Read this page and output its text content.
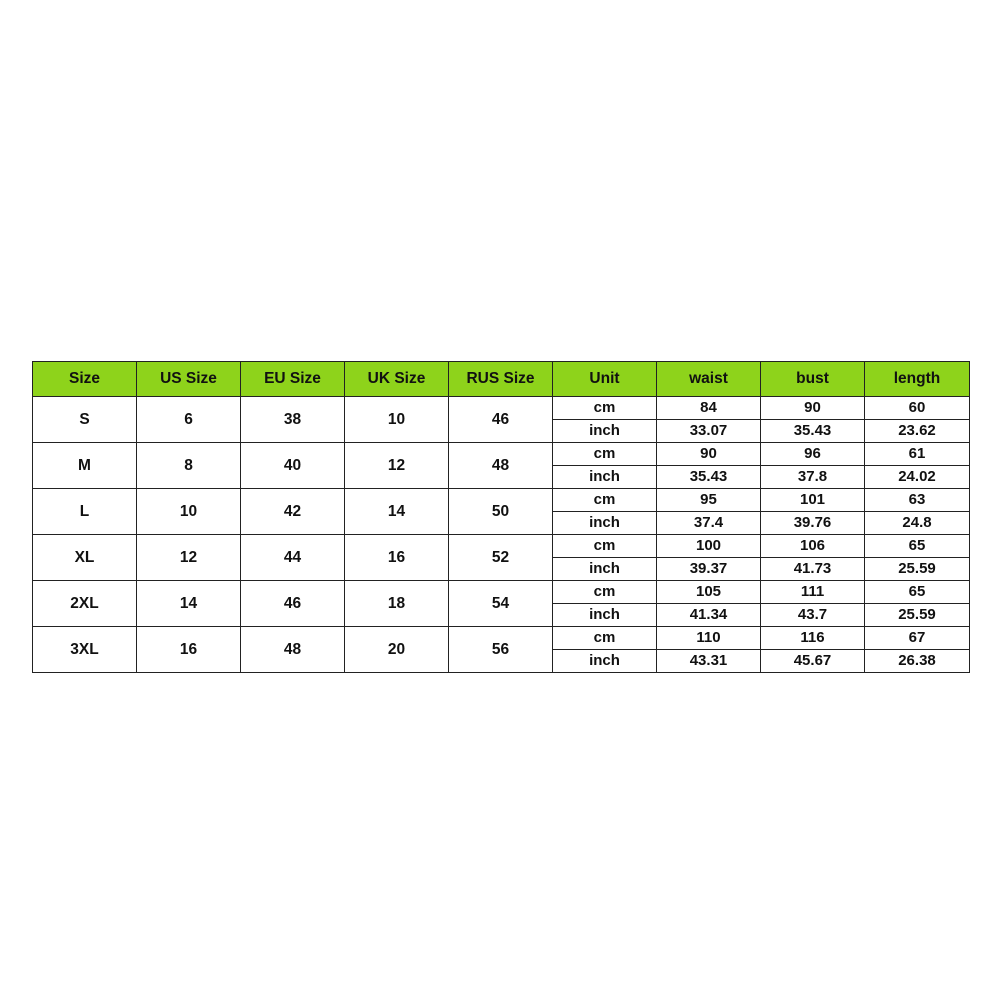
Size	US Size	EU Size	UK Size	RUS Size	Unit	waist	bust	length
S	6	38	10	46	cm	84	90	60
					inch	33.07	35.43	23.62
M	8	40	12	48	cm	90	96	61
					inch	35.43	37.8	24.02
L	10	42	14	50	cm	95	101	63
					inch	37.4	39.76	24.8
XL	12	44	16	52	cm	100	106	65
					inch	39.37	41.73	25.59
2XL	14	46	18	54	cm	105	111	65
					inch	41.34	43.7	25.59
3XL	16	48	20	56	cm	110	116	67
					inch	43.31	45.67	26.38
